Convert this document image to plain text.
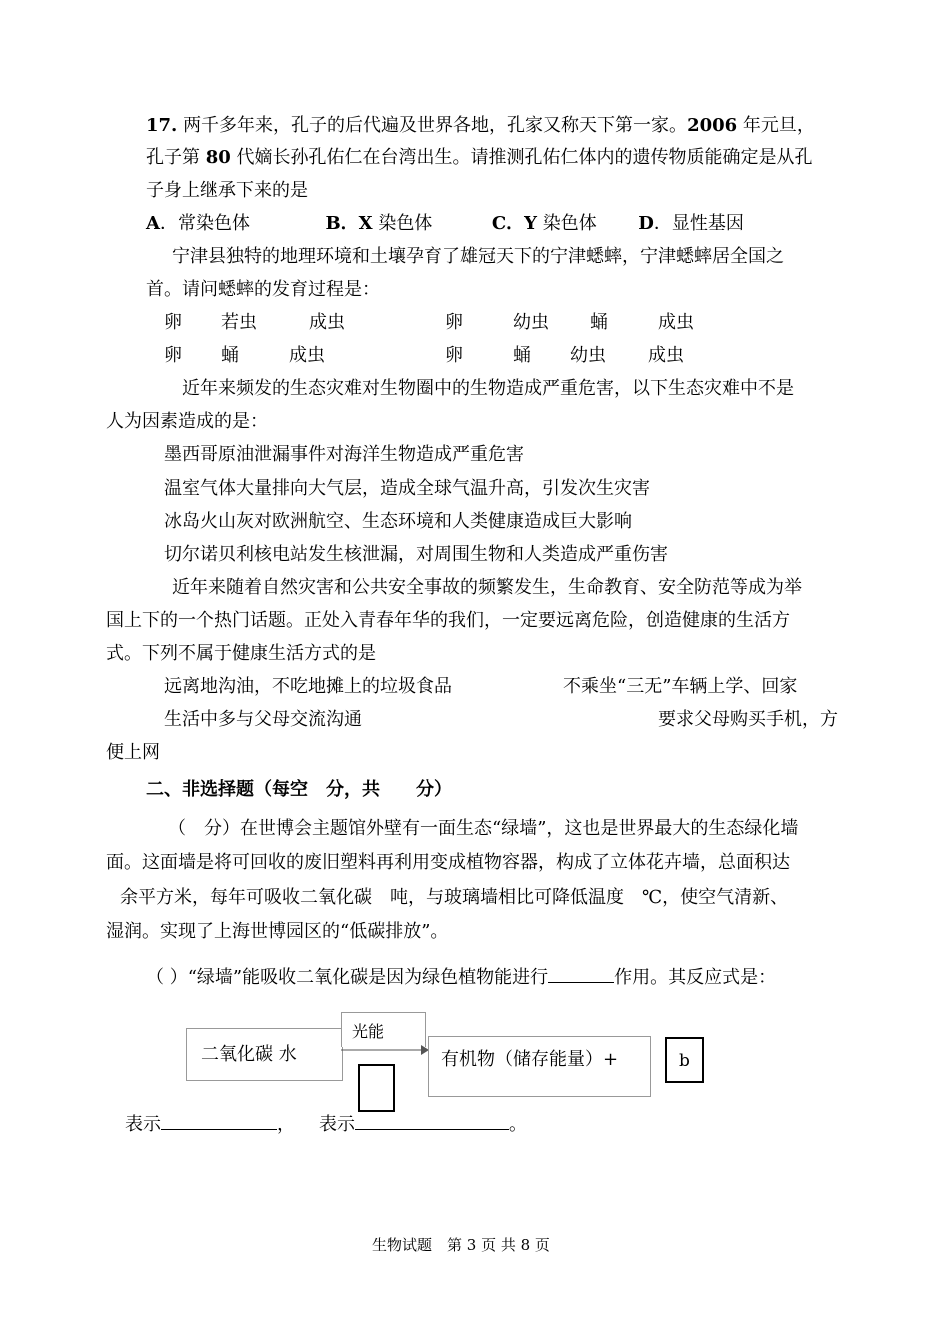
17. 两千多年来，孔子的后代遍及世界各地，孔家又称天下第一家。2006 年元旦，
孔子第 80 代嫡长孙孔佑仁在台湾出生。请推测孔佑仁体内的遗传物质能确定是从孔
子身上继承下来的是
A．常染色体	B．X 染色体	C．Y 染色体 D．显性基因
宁津县独特的地理环境和土壤孕育了雄冠天下的宁津蟋蟀，宁津蟋蟀居全国之
首。请问蟋蟀的发育过程是：
卵 若虫	成虫	卵	幼虫 蛹	成虫
卵 蛹	成虫	卵	蛹 幼虫 成虫
近年来频发的生态灾难对生物圈中的生物造成严重危害，以下生态灾难中不是
人为因素造成的是：
墨西哥原油泄漏事件对海洋生物造成严重危害
温室气体大量排向大气层，造成全球气温升高，引发次生灾害
冰岛火山灰对欧洲航空、生态环境和人类健康造成巨大影响
切尔诺贝利核电站发生核泄漏，对周围生物和人类造成严重伤害
近年来随着自然灾害和公共安全事故的频繁发生，生命教育、安全防范等成为举
国上下的一个热门话题。正处入青春年华的我们，一定要远离危险，创造健康的生活方
式。下列不属于健康生活方式的是
远离地沟油，不吃地摊上的垃圾食品	不乘坐“三无”车辆上学、回家
生活中多与父母交流沟通	要求父母购买手机，方
便上网
二、非选择题（每空　分，共　　分）
（　分）在世博会主题馆外壁有一面生态“绿墙”，这也是世界最大的生态绿化墙
面。这面墙是将可回收的废旧塑料再利用变成植物容器，构成了立体花卉墙，总面积达
余平方米，每年可吸收二氧化碳　吨，与玻璃墙相比可降低温度　℃，使空气清新、
湿润。实现了上海世博园区的“低碳排放”。
（ ）“绿墙”能吸收二氧化碳是因为绿色植物能进行	作用。其反应式是：
二氧化碳 水
光能
有机物（储存能量）+	b
表示	， 表示	。
生物试题　第 3 页 共 8 页
